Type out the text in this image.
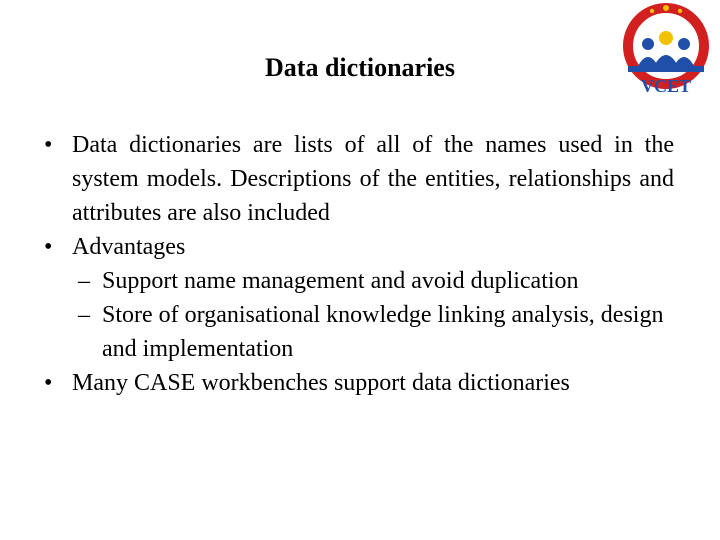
Data dictionaries
VCET

• Data dictionaries are lists of all of the names used in the system models. Descriptions of the entities, relationships and attributes are also included

• Advantages

– Support name management and avoid duplication

– Store of organisational knowledge linking analysis, design and implementation

• Many CASE workbenches support data dictionaries
